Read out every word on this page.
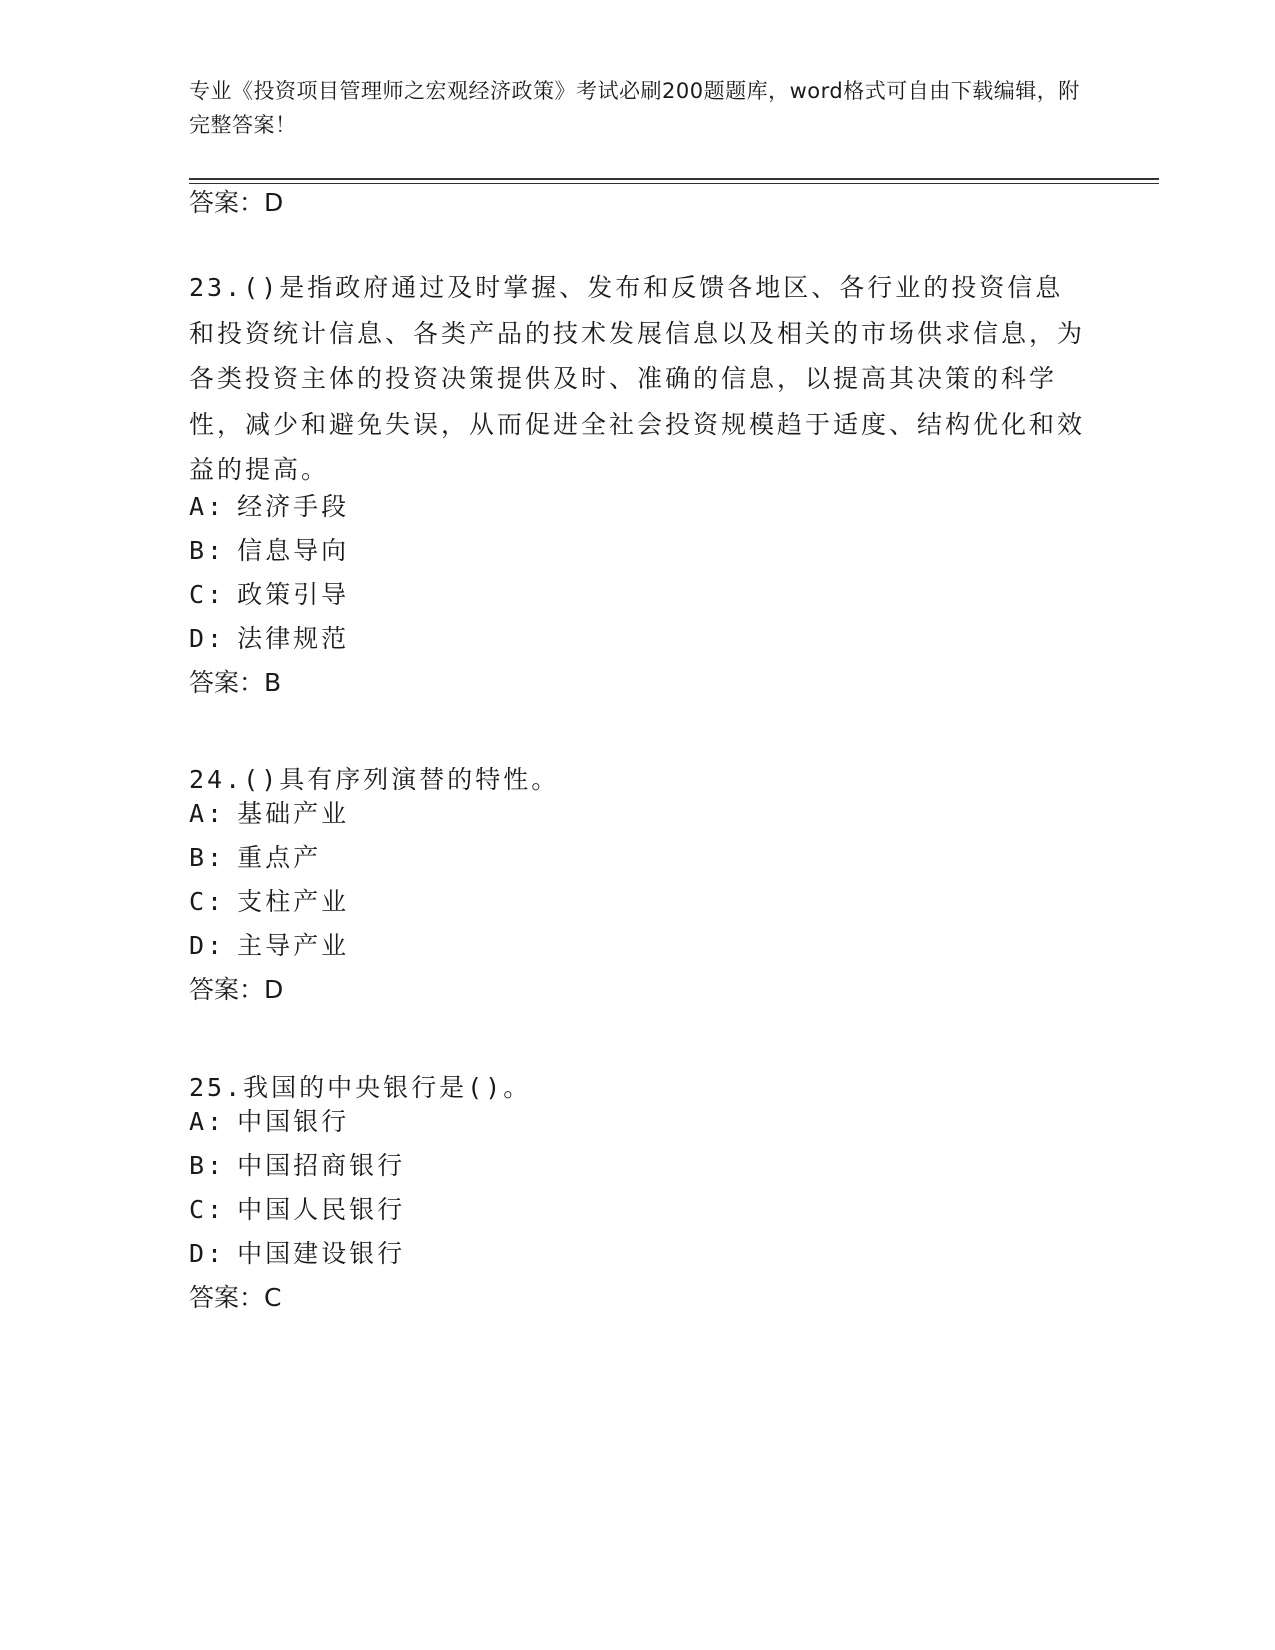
专业《投资项目管理师之宏观经济政策》考试必刷200题题库，word格式可自由下载编辑，附完整答案！
答案：D
23.()是指政府通过及时掌握、发布和反馈各地区、各行业的投资信息和投资统计信息、各类产品的技术发展信息以及相关的市场供求信息，为各类投资主体的投资决策提供及时、准确的信息，以提高其决策的科学性，减少和避免失误，从而促进全社会投资规模趋于适度、结构优化和效益的提高。
A: 经济手段
B: 信息导向
C: 政策引导
D: 法律规范
答案：B
24.()具有序列演替的特性。
A: 基础产业
B: 重点产
C: 支柱产业
D: 主导产业
答案：D
25.我国的中央银行是()。
A: 中国银行
B: 中国招商银行
C: 中国人民银行
D: 中国建设银行
答案：C
